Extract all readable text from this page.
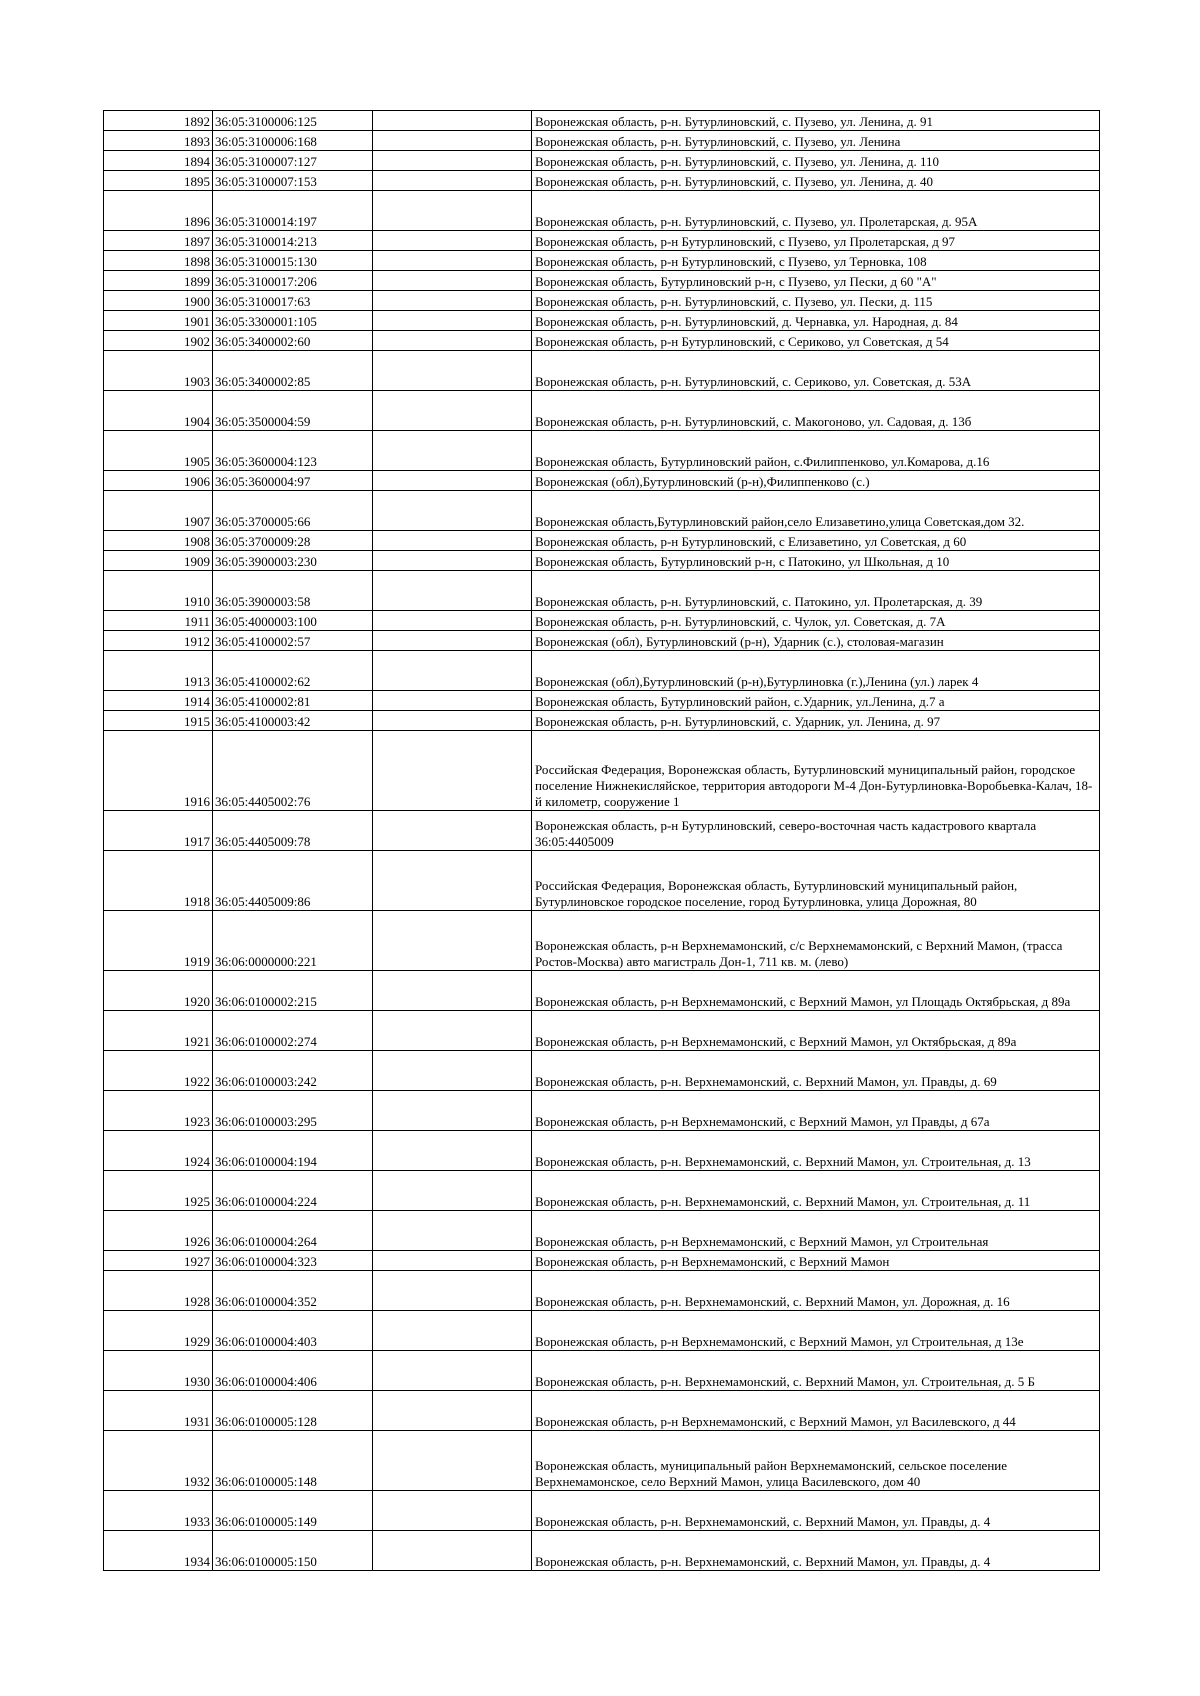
1892	36:05:3100006:125		Воронежская область, р-н. Бутурлиновский, с. Пузево, ул. Ленина, д. 91
1893	36:05:3100006:168		Воронежская область, р-н. Бутурлиновский, с. Пузево, ул. Ленина
1894	36:05:3100007:127		Воронежская область, р-н. Бутурлиновский, с. Пузево, ул. Ленина, д. 110
1895	36:05:3100007:153		Воронежская область, р-н. Бутурлиновский, с. Пузево, ул. Ленина, д. 40
1896	36:05:3100014:197		Воронежская область, р-н. Бутурлиновский, с. Пузево, ул. Пролетарская, д. 95А
1897	36:05:3100014:213		Воронежская область, р-н Бутурлиновский, с Пузево, ул Пролетарская, д 97
1898	36:05:3100015:130		Воронежская область, р-н Бутурлиновский, с Пузево, ул Терновка, 108
1899	36:05:3100017:206		Воронежская область, Бутурлиновский р-н, с Пузево, ул Пески, д 60 "А"
1900	36:05:3100017:63		Воронежская область, р-н. Бутурлиновский, с. Пузево, ул. Пески, д. 115
1901	36:05:3300001:105		Воронежская область, р-н. Бутурлиновский, д. Чернавка, ул. Народная, д. 84
1902	36:05:3400002:60		Воронежская область, р-н Бутурлиновский, с Сериково, ул Советская, д 54
1903	36:05:3400002:85		Воронежская область, р-н. Бутурлиновский, с. Сериково, ул. Советская, д. 53А
1904	36:05:3500004:59		Воронежская область, р-н. Бутурлиновский, с. Макогоново, ул. Садовая, д. 13б
1905	36:05:3600004:123		Воронежская область, Бутурлиновский район, с.Филиппенково, ул.Комарова, д.16
1906	36:05:3600004:97		Воронежская (обл),Бутурлиновский (р-н),Филиппенково (с.)
1907	36:05:3700005:66		Воронежская область,Бутурлиновский район,село Елизаветино,улица Советская,дом 32.
1908	36:05:3700009:28		Воронежская область, р-н Бутурлиновский, с Елизаветино, ул Советская, д 60
1909	36:05:3900003:230		Воронежская область, Бутурлиновский р-н, с Патокино, ул Школьная, д 10
1910	36:05:3900003:58		Воронежская область, р-н. Бутурлиновский, с. Патокино, ул. Пролетарская, д. 39
1911	36:05:4000003:100		Воронежская область, р-н. Бутурлиновский, с. Чулок, ул. Советская, д. 7А
1912	36:05:4100002:57		Воронежская (обл), Бутурлиновский (р-н), Ударник (с.), столовая-магазин
1913	36:05:4100002:62		Воронежская (обл),Бутурлиновский (р-н),Бутурлиновка (г.),Ленина (ул.) ларек 4
1914	36:05:4100002:81		Воронежская область, Бутурлиновский район, с.Ударник, ул.Ленина, д.7 а
1915	36:05:4100003:42		Воронежская область, р-н. Бутурлиновский, с. Ударник, ул. Ленина, д. 97
1916	36:05:4405002:76		Российская Федерация, Воронежская область, Бутурлиновский муниципальный район, городское поселение Нижнекисляйское, территория автодороги М-4 Дон-Бутурлиновка-Воробьевка-Калач, 18-й километр, сооружение 1
1917	36:05:4405009:78		Воронежская область, р-н Бутурлиновский, северо-восточная часть кадастрового квартала 36:05:4405009
1918	36:05:4405009:86		Российская Федерация, Воронежская область, Бутурлиновский муниципальный район, Бутурлиновское городское поселение, город Бутурлиновка, улица Дорожная, 80
1919	36:06:0000000:221		Воронежская область, р-н Верхнемамонский, с/с Верхнемамонский, с Верхний Мамон, (трасса Ростов-Москва) авто магистраль Дон-1, 711 кв. м. (лево)
1920	36:06:0100002:215		Воронежская область, р-н Верхнемамонский, с Верхний Мамон, ул Площадь Октябрьская, д 89а
1921	36:06:0100002:274		Воронежская область, р-н Верхнемамонский, с Верхний Мамон, ул Октябрьская, д 89а
1922	36:06:0100003:242		Воронежская область, р-н. Верхнемамонский, с. Верхний Мамон, ул. Правды, д. 69
1923	36:06:0100003:295		Воронежская область, р-н Верхнемамонский, с Верхний Мамон, ул Правды, д 67а
1924	36:06:0100004:194		Воронежская область, р-н. Верхнемамонский, с. Верхний Мамон, ул. Строительная, д. 13
1925	36:06:0100004:224		Воронежская область, р-н. Верхнемамонский, с. Верхний Мамон, ул. Строительная, д. 11
1926	36:06:0100004:264		Воронежская область, р-н Верхнемамонский, с Верхний Мамон, ул Строительная
1927	36:06:0100004:323		Воронежская область, р-н Верхнемамонский, с Верхний Мамон
1928	36:06:0100004:352		Воронежская область, р-н. Верхнемамонский, с. Верхний Мамон, ул. Дорожная, д. 16
1929	36:06:0100004:403		Воронежская область, р-н Верхнемамонский, с Верхний Мамон, ул Строительная, д 13е
1930	36:06:0100004:406		Воронежская область, р-н. Верхнемамонский, с. Верхний Мамон, ул. Строительная, д. 5 Б
1931	36:06:0100005:128		Воронежская область, р-н Верхнемамонский, с Верхний Мамон, ул Василевского, д 44
1932	36:06:0100005:148		Воронежская область, муниципальный район Верхнемамонский, сельское поселение Верхнемамонское, село Верхний Мамон, улица Василевского, дом 40
1933	36:06:0100005:149		Воронежская область, р-н. Верхнемамонский, с. Верхний Мамон, ул. Правды, д. 4
1934	36:06:0100005:150		Воронежская область, р-н. Верхнемамонский, с. Верхний Мамон, ул. Правды, д. 4
